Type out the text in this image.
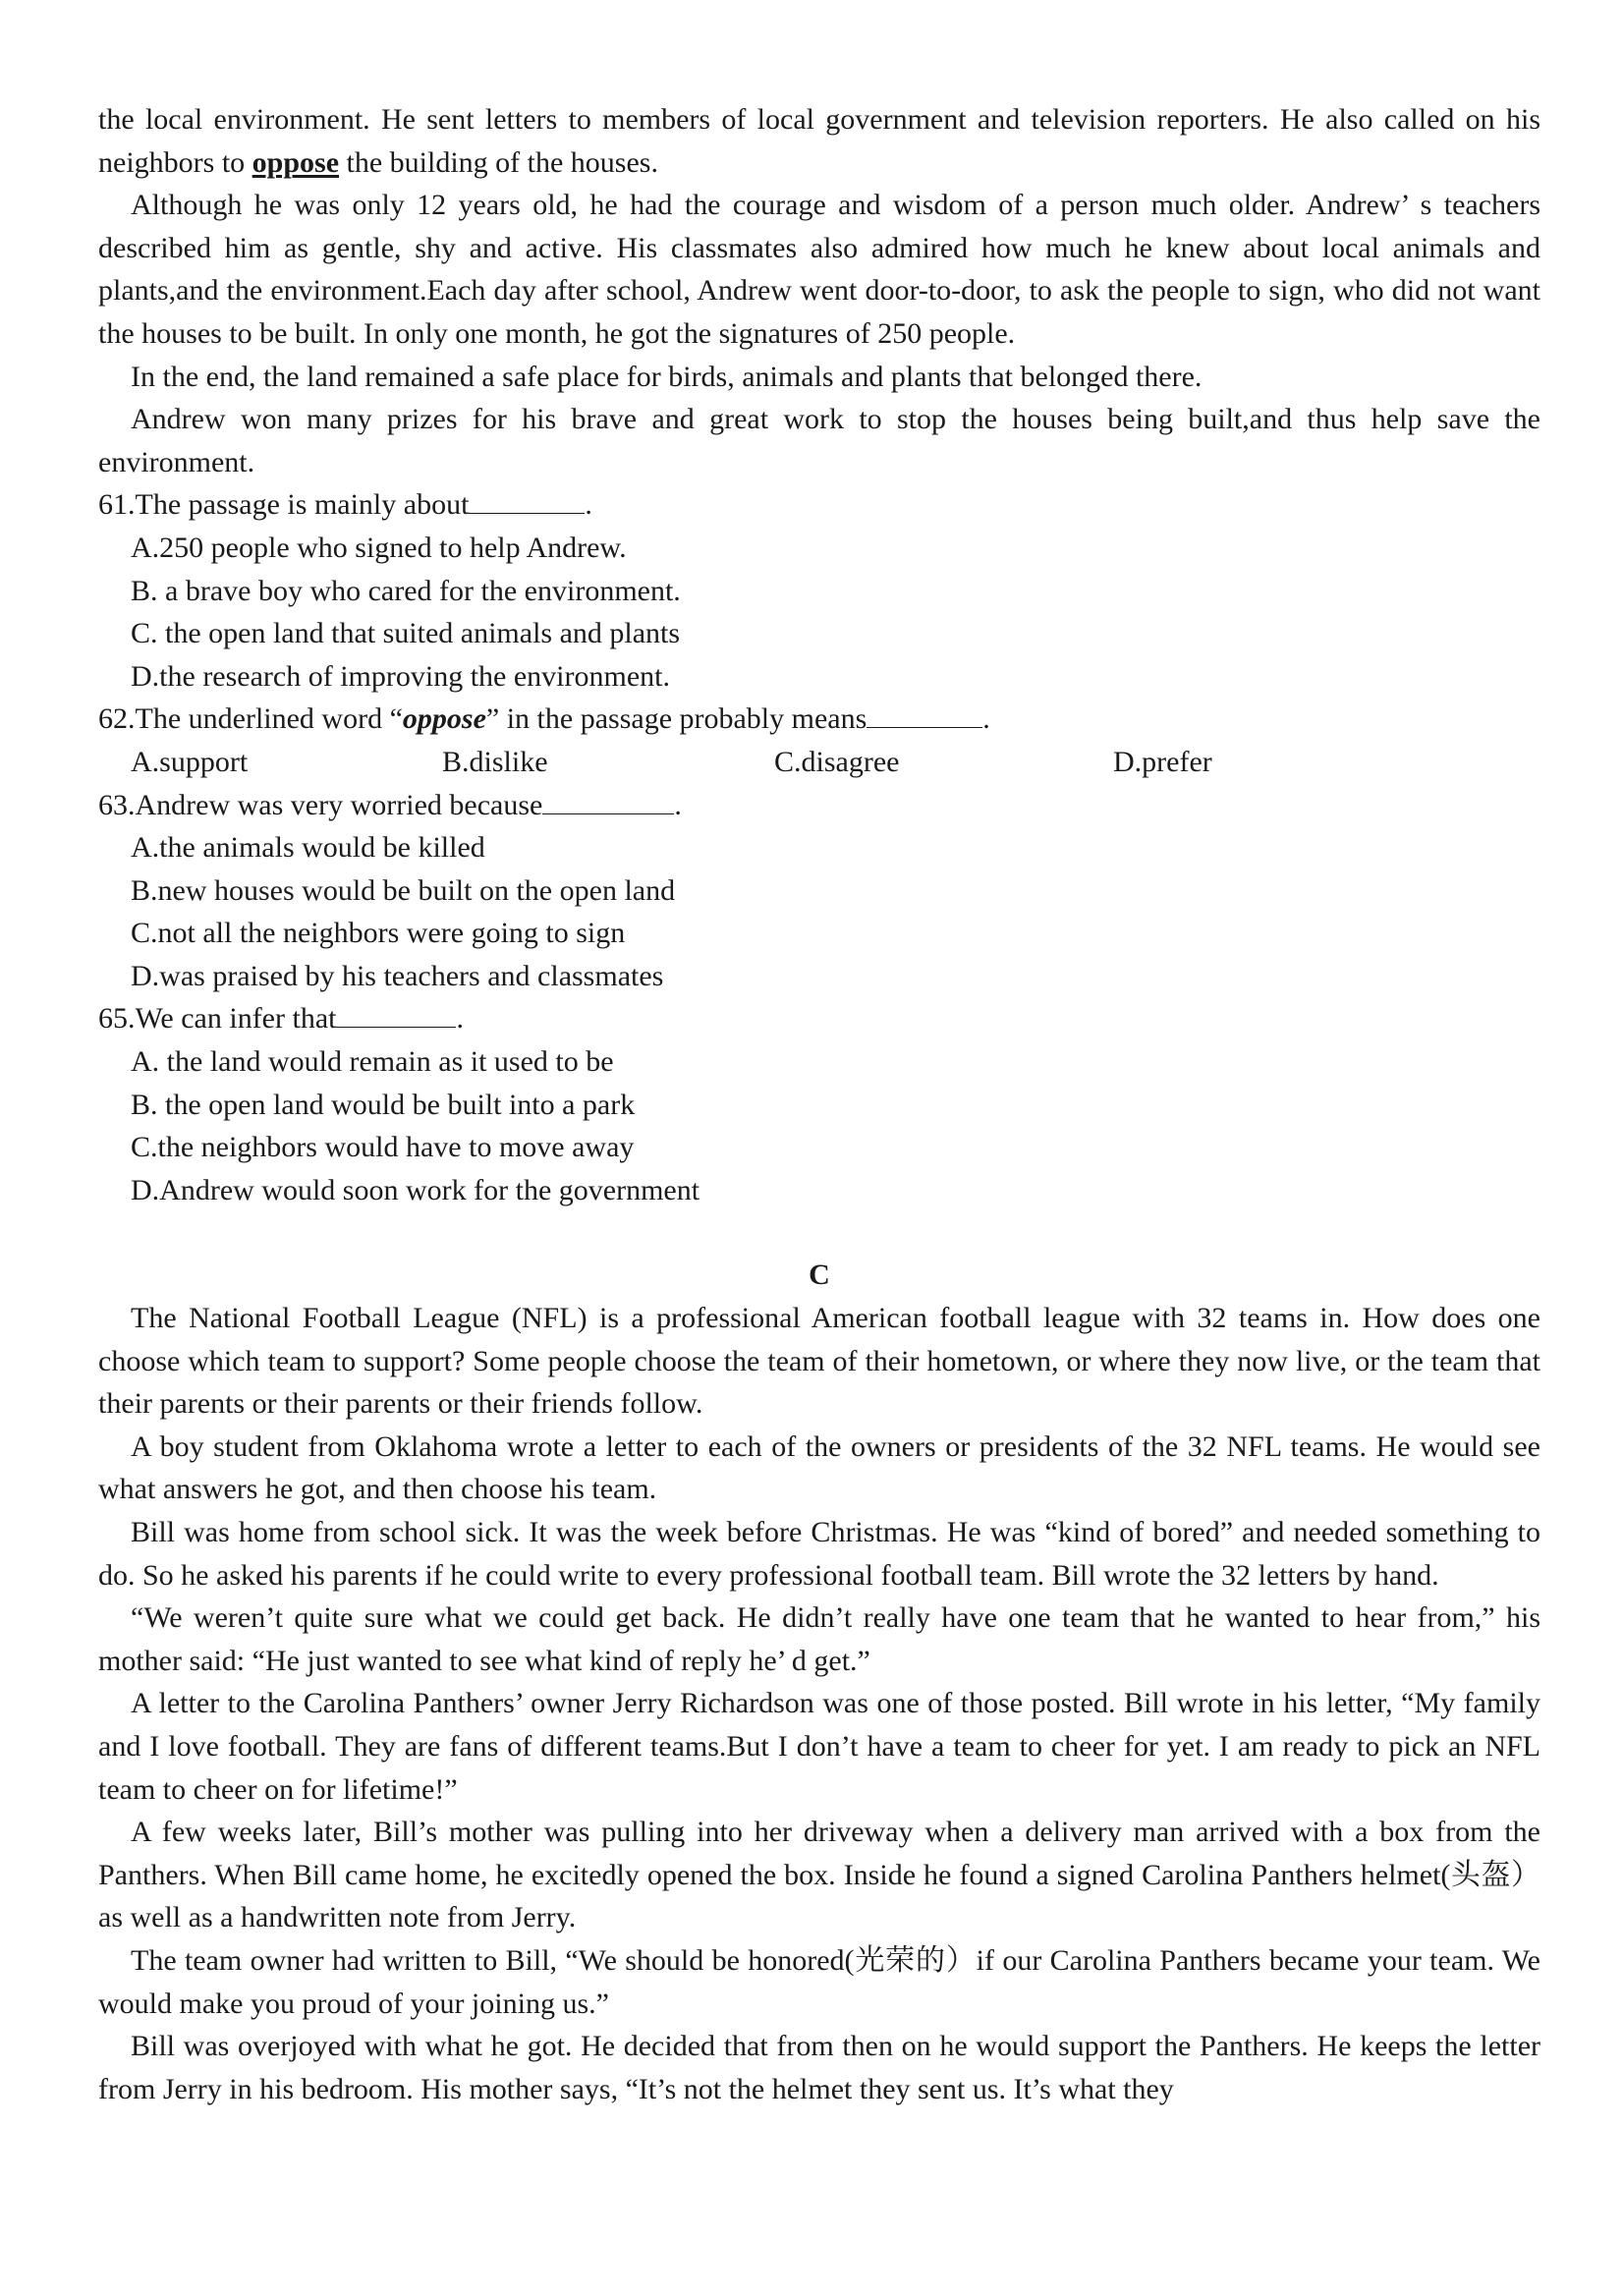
the local environment. He sent letters to members of local government and television reporters. He also called on his neighbors to oppose the building of the houses.

Although he was only 12 years old, he had the courage and wisdom of a person much older. Andrew’ s teachers described him as gentle, shy and active. His classmates also admired how much he knew about local animals and plants,and the environment.Each day after school, Andrew went door-to-door, to ask the people to sign, who did not want the houses to be built. In only one month, he got the signatures of 250 people.

In the end, the land remained a safe place for birds, animals and plants that belonged there.

Andrew won many prizes for his brave and great work to stop the houses being built,and thus help save the environment.

61.The passage is mainly about	.

A.250 people who signed to help Andrew.

B. a brave boy who cared for the environment.

C. the open land that suited animals and plants

D.the research of improving the environment.

62.The underlined word “oppose” in the passage probably means	.

A.support	B.dislike	C.disagree	D.prefer

63.Andrew was very worried because	.

A.the animals would be killed

B.new houses would be built on the open land

C.not all the neighbors were going to sign

D.was praised by his teachers and classmates

65.We can infer that	.

A. the land would remain as it used to be

B. the open land would be built into a park

C.the neighbors would have to move away

D.Andrew would soon work for the government

C

The National Football League (NFL) is a professional American football league with 32 teams in. How does one choose which team to support? Some people choose the team of their hometown, or where they now live, or the team that their parents or their parents or their friends follow.

A boy student from Oklahoma wrote a letter to each of the owners or presidents of the 32 NFL teams. He would see what answers he got, and then choose his team.

Bill was home from school sick. It was the week before Christmas. He was “kind of bored” and needed something to do. So he asked his parents if he could write to every professional football team. Bill wrote the 32 letters by hand.

“We weren’t quite sure what we could get back. He didn’t really have one team that he wanted to hear from,” his mother said: “He just wanted to see what kind of reply he’ d get.”

A letter to the Carolina Panthers’ owner Jerry Richardson was one of those posted. Bill wrote in his letter, “My family and I love football. They are fans of different teams.But I don’t have a team to cheer for yet. I am ready to pick an NFL team to cheer on for lifetime!”

A few weeks later, Bill’s mother was pulling into her driveway when a delivery man arrived with a box from the Panthers. When Bill came home, he excitedly opened the box. Inside he found a signed Carolina Panthers helmet(头盔）as well as a handwritten note from Jerry.

The team owner had written to Bill, “We should be honored(光荣的）if our Carolina Panthers became your team. We would make you proud of your joining us.”

Bill was overjoyed with what he got. He decided that from then on he would support the Panthers. He keeps the letter from Jerry in his bedroom. His mother says, “It’s not the helmet they sent us. It’s what they
